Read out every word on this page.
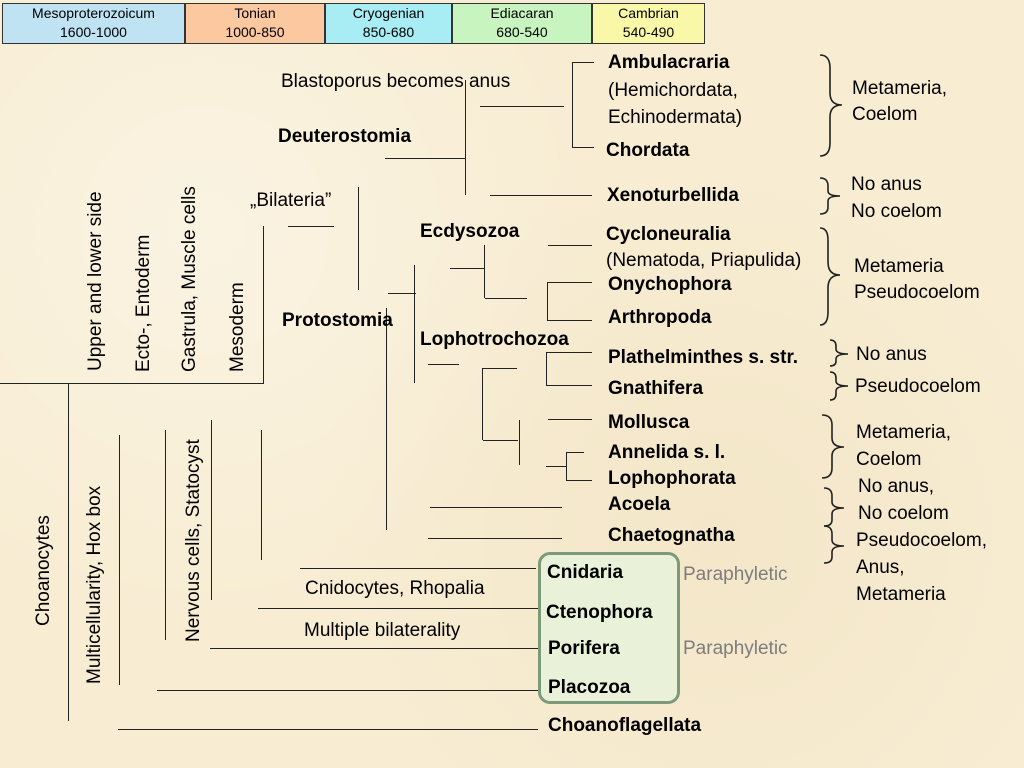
Mesoproterozoicum
1600-1000
Tonian
1000-850
Cryogenian
850-680
Ediacaran
680-540
Cambrian
540-490
Blastoporus becomes anus
Deuterostomia
„Bilateria”
Ecdysozoa
Protostomia
Lophotrochozoa
Cnidocytes, Rhopalia
Multiple bilaterality
Upper and lower side Ecto-, Entoderm Gastrula, Muscle cells Mesoderm
Nervous cells, Statocyst
Multicellularity, Hox box
Choanocytes
Ambulacraria
(Hemichordata,
Echinodermata)
Chordata
Xenoturbellida
Cycloneuralia
(Nematoda, Priapulida)
Onychophora
Arthropoda
Plathelminthes s. str.
Gnathifera
Mollusca
Annelida s. l.
Lophophorata
Acoela
Chaetognatha
Cnidaria
Ctenophora
Porifera
Placozoa
Choanoflagellata
Paraphyletic
Paraphyletic
Metameria,
Coelom
No anus
No coelom
Metameria
Pseudocoelom
No anus
Pseudocoelom
Metameria,
Coelom
No anus,
No coelom
Pseudocoelom,
Anus,
Metameria
